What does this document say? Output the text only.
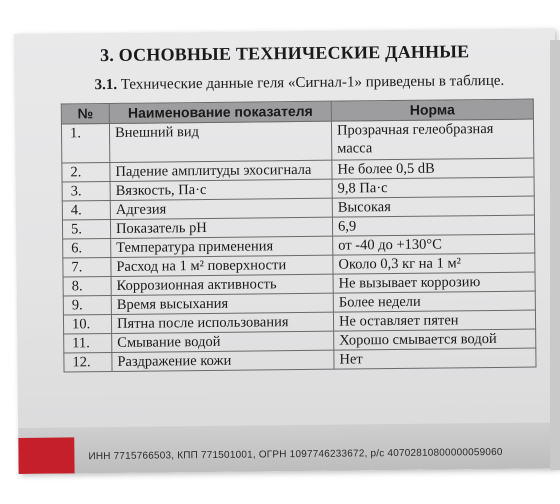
3. ОСНОВНЫЕ ТЕХНИЧЕСКИЕ ДАННЫЕ
3.1. Технические данные геля «Сигнал-1» приведены в таблице.
№	Наименование показателя	Норма
1.	Внешний вид	Прозрачная гелеобразная масса
2.	Падение амплитуды эхосигнала	Не более 0,5 dB
3.	Вязкость, Па·с	9,8 Па·с
4.	Адгезия	Высокая
5.	Показатель pH	6,9
6.	Температура применения	от -40 до +130°С
7.	Расход на 1 м² поверхности	Около 0,3 кг на 1 м²
8.	Коррозионная активность	Не вызывает коррозию
9.	Время высыхания	Более недели
10.	Пятна после использования	Не оставляет пятен
11.	Смывание водой	Хорошо смывается водой
12.	Раздражение кожи	Нет
ИНН 7715766503, КПП 771501001, ОГРН 1097746233672, р/с 40702810800000059060
